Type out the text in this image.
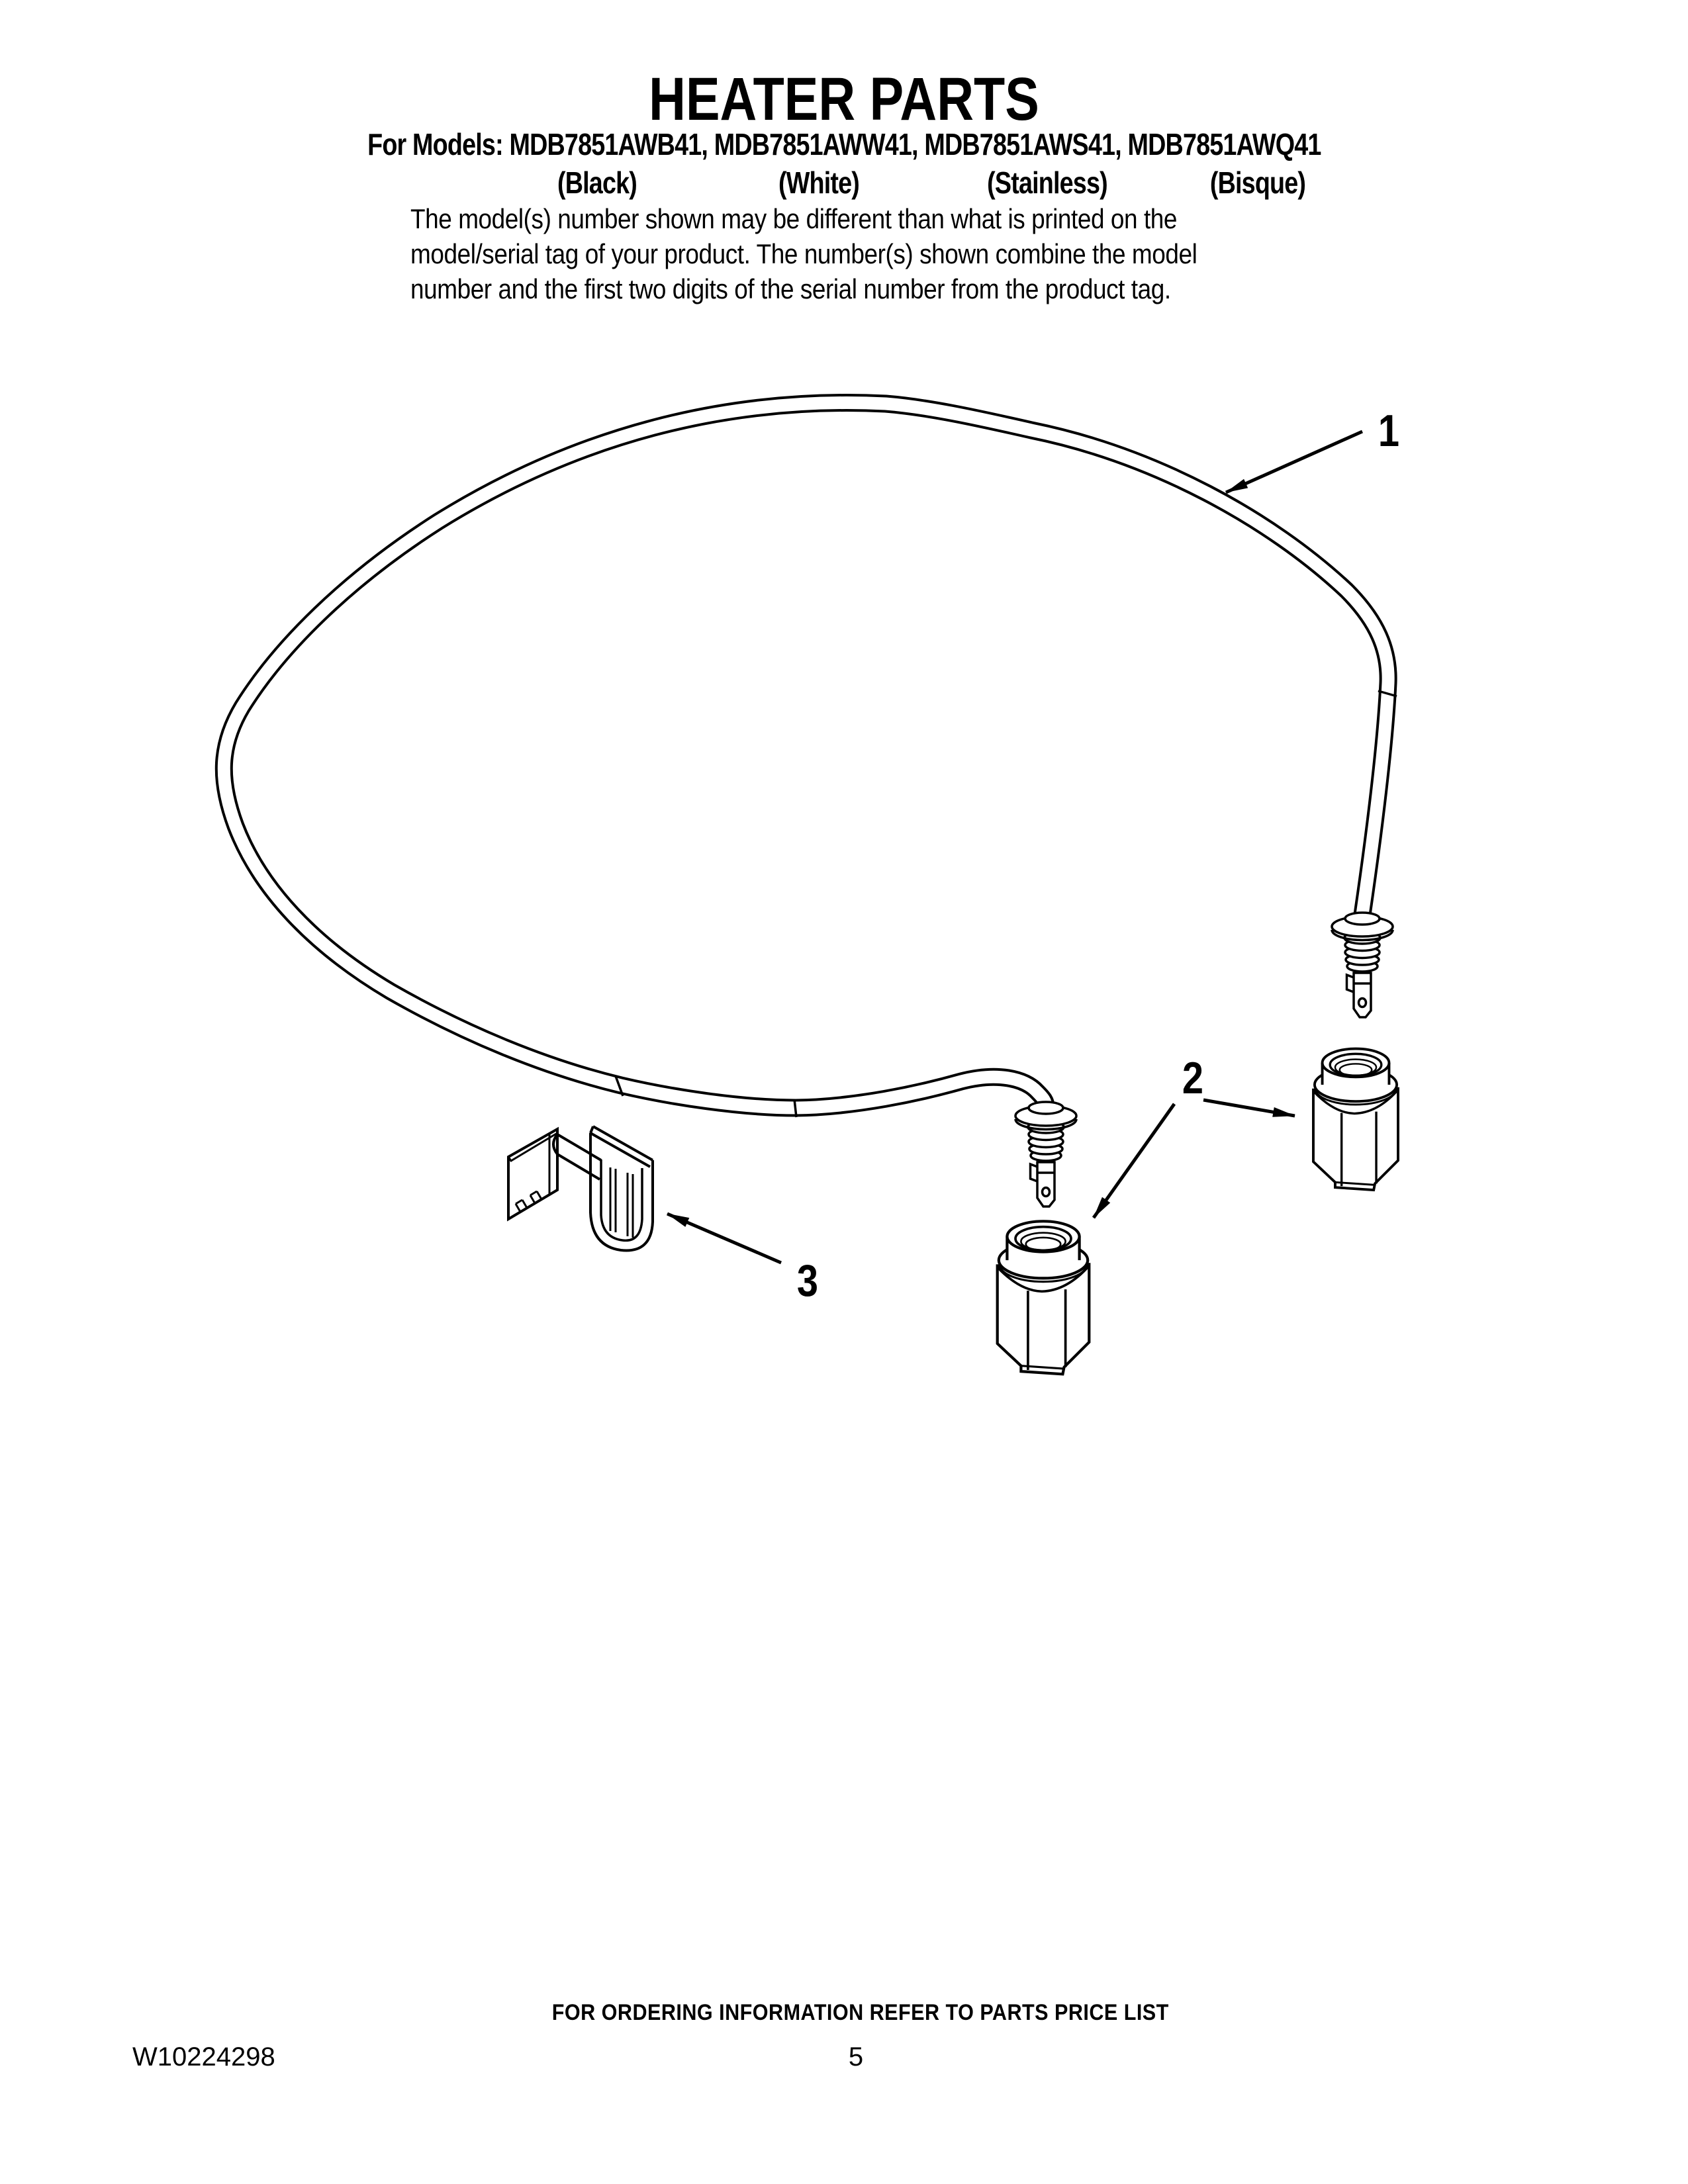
HEATER PARTS
For Models: MDB7851AWB41, MDB7851AWW41, MDB7851AWS41, MDB7851AWQ41
(Black)	(White)	(Stainless)	(Bisque)
The model(s) number shown may be different than what is printed on the
model/serial tag of your product. The number(s) shown combine the model
number and the first two digits of the serial number from the product tag.
1
2
3
FOR ORDERING INFORMATION REFER TO PARTS PRICE LIST
W10224298	5
